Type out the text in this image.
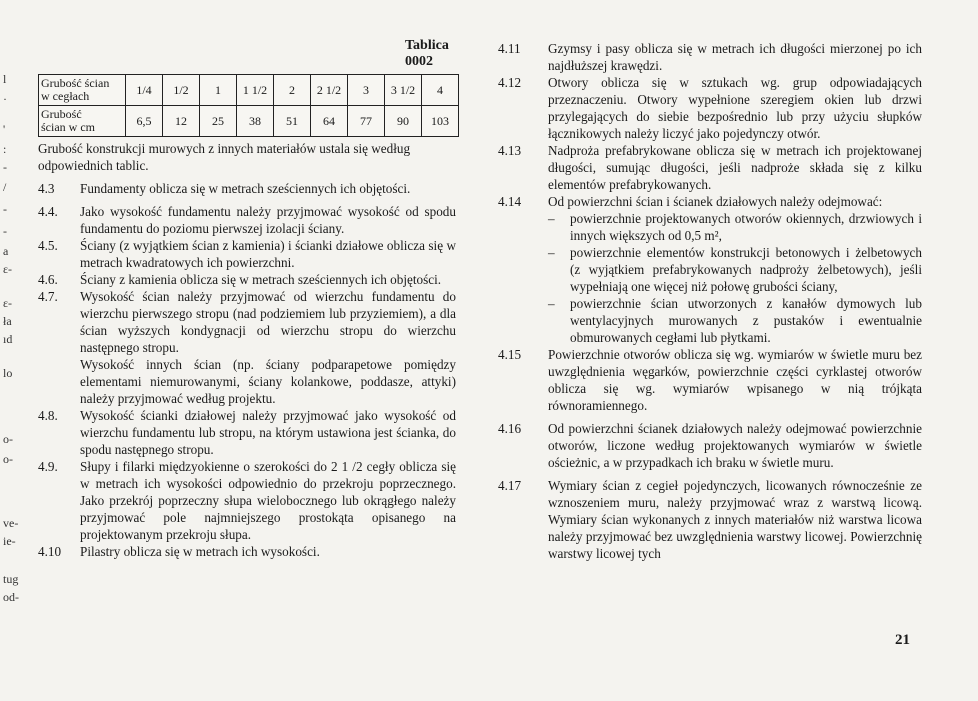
l
·
'
:
-
/
-
-
a
ɛ-
ɛ-
ła
ıd
lo
o-
o-
ve-
ie-
tug
od-
Tablica 0002
Grubość ścian
w cegłach	1/4	1/2	1	1 1/2	2	2 1/2	3	3 1/2	4
Grubość
ścian w cm	6,5	12	25	38	51	64	77	90	103

Grubość konstrukcji murowych z innych materiałów ustala się według odpowiednich tablic.

4.3	Fundamenty oblicza się w metrach sześciennych ich objętości.
4.4.	Jako wysokość fundamentu należy przyjmować wysokość od spodu fundamentu do poziomu pierwszej izolacji ściany.
4.5.	Ściany (z wyjątkiem ścian z kamienia) i ścianki działowe oblicza się w metrach kwadratowych ich powierzchni.
4.6.	Ściany z kamienia oblicza się w metrach sześciennych ich objętości.
4.7.	Wysokość ścian należy przyjmować od wierzchu fundamentu do wierzchu pierwszego stropu (nad podziemiem lub przyziemiem), a dla ścian wyższych kondygnacji od wierzchu stropu do wierzchu następnego stropu.
Wysokość innych ścian (np. ściany podparapetowe pomiędzy elementami niemurowanymi, ściany kolankowe, poddasze, attyki) należy przyjmować według projektu.
4.8.	Wysokość ścianki działowej należy przyjmować jako wysokość od wierzchu fundamentu lub stropu, na którym ustawiona jest ścianka, do spodu następnego stropu.
4.9.	Słupy i filarki międzyokienne o szerokości do 2 1 /2 cegły oblicza się w metrach ich wysokości odpowiednio do przekroju poprzecznego. Jako przekrój poprzeczny słupa wielobocznego lub okrągłego należy przyjmować pole najmniejszego prostokąta opisanego na projektowanym przekroju słupa.
4.10	Pilastry oblicza się w metrach ich wysokości.
4.11	Gzymsy i pasy oblicza się w metrach ich długości mierzonej po ich najdłuższej krawędzi.
4.12	Otwory oblicza się w sztukach wg. grup odpowiadających przeznaczeniu. Otwory wypełnione szeregiem okien lub drzwi przylegających do siebie bezpośrednio lub przy użyciu słupków łącznikowych należy liczyć jako pojedynczy otwór.
4.13	Nadproża prefabrykowane oblicza się w metrach ich projektowanej długości, sumując długości, jeśli nadproże składa się z kilku elementów prefabrykowanych.
4.14	Od powierzchni ścian i ścianek działowych należy odejmować:
–	powierzchnie projektowanych otworów okiennych, drzwiowych i innych większych od 0,5 m²,
–	powierzchnie elementów konstrukcji betonowych i żelbetowych (z wyjątkiem prefabrykowanych nadproży żelbetowych), jeśli wypełniają one więcej niż połowę grubości ściany,
–	powierzchnie ścian utworzonych z kanałów dymowych lub wentylacyjnych murowanych z pustaków i ewentualnie obmurowanych cegłami lub płytkami.
4.15	Powierzchnie otworów oblicza się wg. wymiarów w świetle muru bez uwzględnienia węgarków, powierzchnie części cyrklastej otworów oblicza się wg. wymiarów wpisanego w nią trójkąta równoramiennego.
4.16	Od powierzchni ścianek działowych należy odejmować powierzchnie otworów, liczone według projektowanych wymiarów w świetle ościeżnic, a w przypadkach ich braku w świetle muru.
4.17	Wymiary ścian z cegieł pojedynczych, licowanych równocześnie ze wznoszeniem muru, należy przyjmować wraz z warstwą licową. Wymiary ścian wykonanych z innych materiałów niż warstwa licowa należy przyjmować bez uwzględnienia warstwy licowej. Powierzchnię warstwy licowej tych
21
